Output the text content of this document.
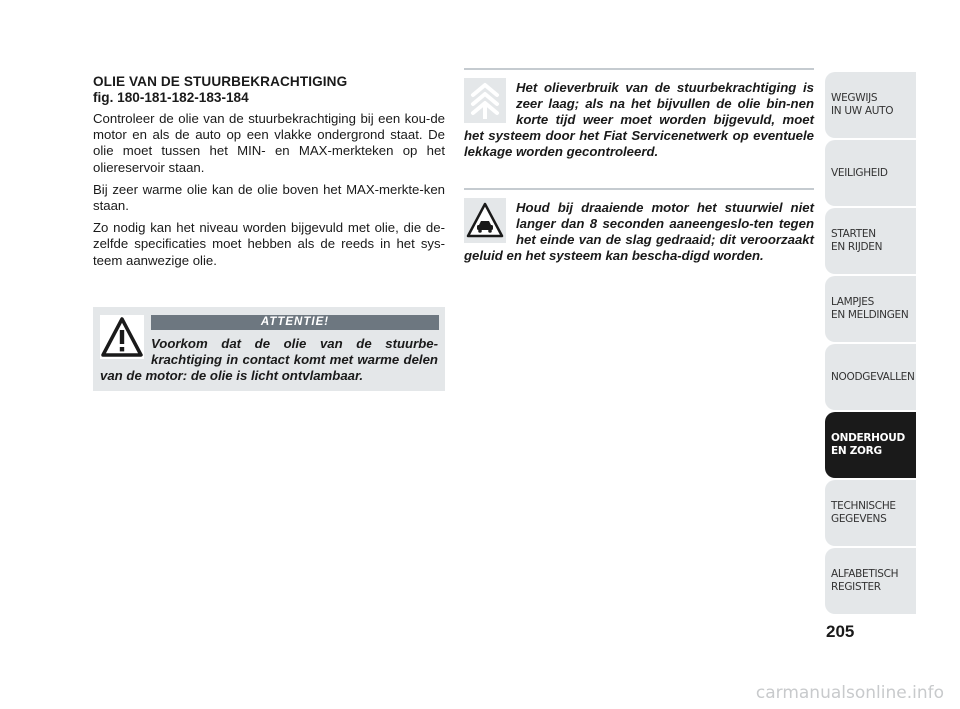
OLIE VAN DE STUURBEKRACHTIGING

fig. 180-181-182-183-184

Controleer de olie van de stuurbekrachtiging bij een kou-de motor en als de auto op een vlakke ondergrond staat. De olie moet tussen het MIN- en MAX-merkteken op het oliereservoir staan.

Bij zeer warme olie kan de olie boven het MAX-merkte-ken staan.

Zo nodig kan het niveau worden bijgevuld met olie, die de-zelfde specificaties moet hebben als de reeds in het sys-teem aanwezige olie.

ATTENTIE!
Voorkom dat de olie van de stuurbe-krachtiging in contact komt met warme delen van de motor: de olie is licht ontvlambaar.

Het olieverbruik van de stuurbekrachtiging is zeer laag; als na het bijvullen de olie bin-nen korte tijd weer moet worden bijgevuld, moet het systeem door het Fiat Servicenetwerk op eventuele lekkage worden gecontroleerd.

Houd bij draaiende motor het stuurwiel niet langer dan 8 seconden aaneengeslo-ten tegen het einde van de slag gedraaid; dit veroorzaakt geluid en het systeem kan bescha-digd worden.

WEGWIJS
IN UW AUTO
VEILIGHEID
STARTEN
EN RIJDEN
LAMPJES
EN MELDINGEN
NOODGEVALLEN
ONDERHOUD
EN ZORG
TECHNISCHE
GEGEVENS
ALFABETISCH
REGISTER
205
carmanualsonline.info
